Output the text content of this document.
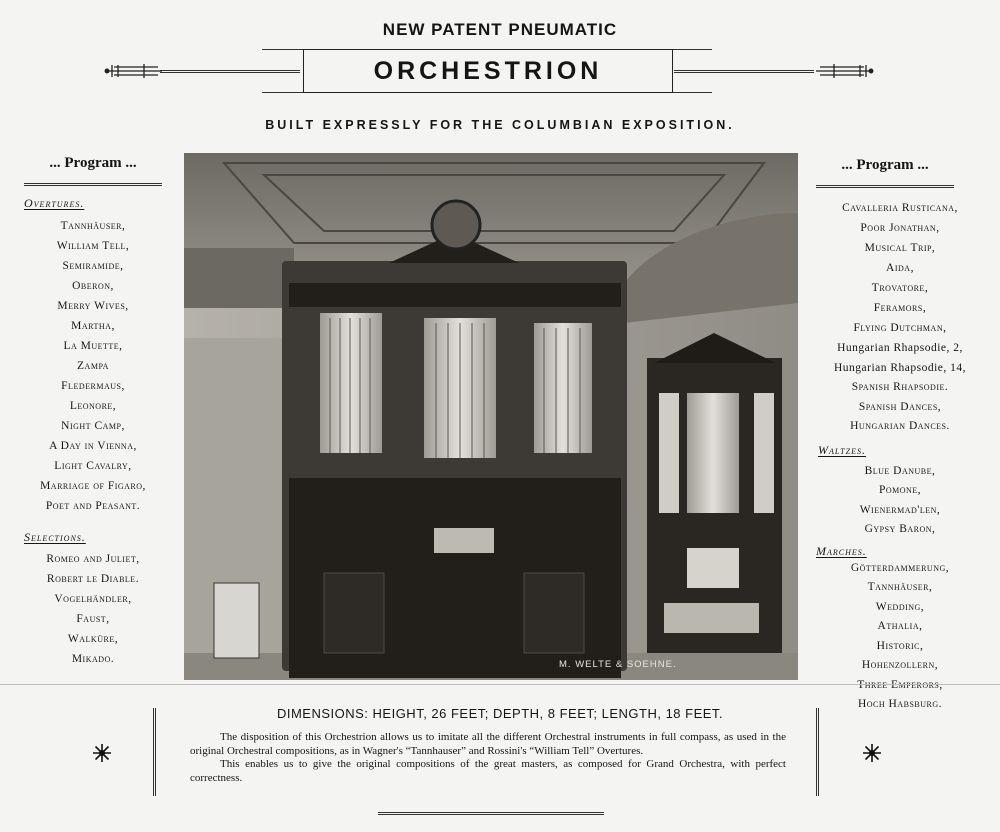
NEW PATENT PNEUMATIC
ORCHESTRION
BUILT EXPRESSLY FOR THE COLUMBIAN EXPOSITION.
... Program ...
Overtures.
Tannhäuser,
William Tell,
Semiramide,
Oberon,
Merry Wives,
Martha,
La Muette,
Zampa
Fledermaus,
Leonore,
Night Camp,
A Day in Vienna,
Light Cavalry,
Marriage of Figaro,
Poet and Peasant.
Selections.
Romeo and Juliet,
Robert le Diable.
Vogelhändler,
Faust,
Walküre,
Mikado.	M. WELTE & SOEHNE.
... Program ...
Cavalleria Rusticana,
Poor Jonathan,
Musical Trip,
Aida,
Trovatore,
Feramors,
Flying Dutchman,
Hungarian Rhapsodie, 2,
Hungarian Rhapsodie, 14,
Spanish Rhapsodie.
Spanish Dances,
Hungarian Dances.
Waltzes.
Blue Danube,
Pomone,
Wienermad'len,
Gypsy Baron,
Marches.
Götterdammerung,
Tannhäuser,
Wedding,
Athalia,
Historic,
Hohenzollern,
Three Emperors,
Hoch Habsburg.
DIMENSIONS: HEIGHT, 26 FEET; DEPTH, 8 FEET; LENGTH, 18 FEET.

The disposition of this Orchestrion allows us to imitate all the different Orchestral instruments in full compass, as used in the original Orchestral compositions, as in Wagner's “Tannhauser” and Rossini's “William Tell” Overtures.

This enables us to give the original compositions of the great masters, as composed for Grand Orchestra, with perfect correctness.
